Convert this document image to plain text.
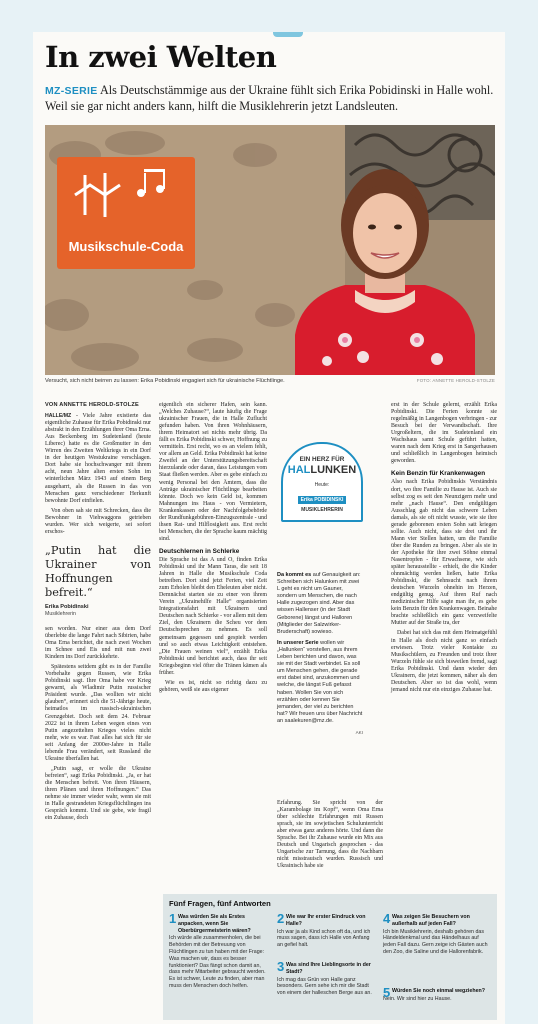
In zwei Welten
MZ-SERIE Als Deutschstämmige aus der Ukraine fühlt sich Erika Pobidinski in Halle wohl. Weil sie gar nicht anders kann, hilft die Musiklehrerin jetzt Landsleuten.
Musikschule-Coda
Versucht, sich nicht beirren zu lassen: Erika Pobidinski engagiert sich für ukrainische Flüchtlinge.	FOTO: ANNETTE HEROLD-STOLZE
VON ANNETTE HEROLD-STOLZE

HALLE/MZ - Viele Jahre existierte das eigentliche Zuhause für Erika Pobidinski nur abstrakt in den Erzählungen ihrer Oma Erna. Aus Beckenberg im Sudetenland (heute Liberec) hatte es die Großmutter in den Wirren des Zweiten Weltkriegs in ein Dorf in der heutigen Westukraine verschlagen. Dort habe sie hochschwanger mit ihrem acht, neun Jahre alten ersten Sohn im winterlichen März 1943 auf einem Berg ausgeharrt, als die Russen in das von Menschen ganz verschiedener Herkunft bewohnte Dorf einfielen.

Von oben sah sie mit Schrecken, dass die Bewohner in Viehwaggons getrieben wurden. Wer sich weigerte, sei sofort erschos-

„Putin hat die Ukrainer von Hoffnungen befreit.“
Erika Pobidinski
Musiklehrerin

sen worden. Nur einer aus dem Dorf überlebte die lange Fahrt nach Sibirien, habe Oma Erna berichtet, die nach zwei Wochen im Schnee und Eis und mit nun zwei Kindern ins Dorf zurückkehrte.

Spätestens seitdem gibt es in der Familie Vorbehalte gegen Russen, wie Erika Pobidinski sagt. Ihre Oma habe vor Krieg gewarnt, als Wladimir Putin russischer Präsident wurde. „Das wollten wir nicht glauben“, erinnert sich die 51-Jährige heute, heimatlos im russisch-ukrainischen Grenzgebiet. Doch seit dem 24. Februar 2022 ist in ihrem Leben wegen eines von Putin angezettelten Krieges vieles nicht mehr, wie es war. Fast alles hat sich für sie seit Anfang der 2000er-Jahre in Halle lebende Frau verändert, seit Russland die Ukraine überfallen hat.

„Putin sagt, er wolle die Ukraine befreien“, sagt Erika Pobidinski. „Ja, er hat die Menschen befreit. Von ihren Häusern, ihren Plänen und ihren Hoffnungen.“ Das nehme sie immer wieder wahr, wenn sie mit in Halle gestrandeten Kriegsflüchtlingen ins Gespräch kommt. Und sie gebe, wie fragil ein Zuhause, doch

eigentlich ein sicherer Hafen, sein kann. „Welches Zuhause?“, laute häufig die Frage ukrainischer Frauen, die in Halle Zuflucht gefunden haben. Von ihren Wohnhäusern, ihrem Heimatort sei nichts mehr übrig. Da fällt es Erika Pobidinski schwer, Hoffnung zu vermitteln. Erst recht, wo es an vielem fehlt, vor allem an Geld. Erika Pobidinski hat keine Zweifel an der Unterstützungsbereitschaft hierzulande oder daran, dass Leistungen vom Staat fließen werden. Aber es gebe einfach zu wenig Personal bei den Ämtern, dass die Anträge ukrainischer Flüchtlinge bearbeiten könnte. Doch wo kein Geld ist, kommen Mahnungen ins Haus - von Vermietern, Krankenkassen oder der Nachfolgebehörde der Rundfunkgebühren-Einzugszentrale - und ihsen Rat- und Hilflosigkeit aus. Erst recht bei Menschen, die der Sprache kaum mächtig sind.

Deutschlernen in Schlerke

Die Sprache ist das A und O, finden Erika Pobidinski und ihr Mann Taras, die seit 18 Jahren in Halle die Musikschule Coda betreiben. Dort sind jetzt Ferien, viel Zeit zum Erholen bleibt den Eheleuten aber nicht. Demnächst starten sie zu einer von ihrem Verein „Ukrainehilfe Halle“ organisierten Integrationsfahrt mit Ukrainern und Deutschen nach Schierke - vor allem mit dem Ziel, den Ukrainern die Scheu vor dem Deutschsprechen zu nehmen. Es soll gemeinsam gegessen und gespielt werden und so auch etwas Leichtigkeit entstehen. „Die Frauen weinen viel“, erzählt Erika Pobidinski und berichtet auch, dass ihr seit Kriegsbeginn viel öfter die Tränen kämen als früher.

Wie es ist, nicht so richtig dazu zu gehören, weiß sie aus eigener

EIN HERZ FÜR
HALLUNKEN
Heute:
Erika POBIDINSKI
MUSIKLEHRERIN

Da kommt es auf Genauigkeit an: Schreiben sich Halunken mit zwei L geht es nicht um Gauner, sondern um Menschen, die nach Halle zugezogen sind. Aber das wissen Hallenser (in der Stadt Geborene) längst und Halloren (Mitglieder der Salzwirker-Bruderschaft) sowieso.

In unserer Serie wollen wir „Hallunken“ vorstellen, aus ihrem Leben berichten und davon, was sie mit der Stadt verbindet. Es soll um Menschen gehen, die gerade erst dabei sind, anzukommen und welche, die längst Fuß gefasst haben. Wollen Sie von sich erzählen oder kennen Sie jemanden, der viel zu berichten hat? Wir freuen uns über Nachricht an saalekuren@mz.de.

AKI

Erfahrung. Sie spricht von der „Karambolage im Kopf“, wenn Oma Erna über schlechte Erfahrungen mit Russen sprach, sie im sowjetischen Schulunterricht aber etwas ganz anderes hörte. Und dann die Sprache. Bei ihr Zuhause wurde ein Mix aus Deutsch und Ungarisch gesprochen - das Ungarische zur Tarnung, dass die Nachbarn nicht misstrauisch wurden. Russisch und Ukrainisch habe sie

erst in der Schule gelernt, erzählt Erika Pobidinski. Die Ferien konnte sie regelmäßig in Langenbogen verbringen - zur Besuch bei der Verwandtschaft. Ihre Urgroßeltern, die im Sudetenland ein Wachshaus samt Schule geführt hatten, waren nach dem Krieg erst in Sangerhausen und schließlich in Langenbogen heimisch geworden.

Kein Benzin für Krankenwagen

Also nach Erika Pobidinskis Verständnis dort, wo ihre Familie zu Hause ist. Auch sie selbst zog es seit den Neunzigern mehr und mehr „nach Hause“. Den endgültigen Ausschlag gab nicht das schwere Leben damals, als sie oft nicht wusste, wie sie ihre gerade geborenen ersten Sohn satt kriegen sollte. Auch nicht, dass sie drei und ihr Mann vier Stellen hatten, um die Familie über die Runden zu bringen. Aber als sie in der Apotheke für ihre zwei Söhne einmal Nasentropfen - für Erwachsene, wie sich später herausstellte - erhielt, die die Kinder ohnmächtig werden ließen, hatte Erika Pobidinski, die Sehnsucht nach ihrem deutschen Wurzeln ohnehin im Herzen, endgültig genug. Auf ihren Ruf nach medizinischer Hilfe sagte man ihr, es gebe kein Benzin für den Krankenwagen. Beinahe brachte schließlich ein ganz verzweifelte Mutter auf der Straße tra, der

Dabei hat sich das mit dem Heimatgefühl in Halle als doch nicht ganz so einfach erwiesen. Trotz vieler Kontakte zu Musikschülern, zu Freunden und trotz ihrer Wurzeln fühle sie sich bisweilen fremd, sagt Erika Pobidinski. Und dann wieder den Ukrainern, die jetzt kommen, näher als den Deutschen. Aber so ist das wohl, wenn jemand nicht nur ein einziges Zuhause hat.

Fünf Fragen, fünf Antworten
1 Was würden Sie als Erstes anpacken, wenn Sie Oberbürgermeisterin wären?
Ich würde alle zusammenholen, die bei Behörden mit der Betreuung von Flüchtlingen zu tun haben mit der Frage: Was machen wir, dass es besser funktioniert? Das fängt schon damit an, dass mehr Mitarbeiter gebraucht werden. Es ist schwer, Leute zu finden, aber man muss den Menschen doch helfen.
2 Wie war Ihr erster Eindruck von Halle?
Ich war ja als Kind schon oft da, und ich muss sagen, dass ich Halle von Anfang an gefiel halt.
3 Was sind Ihre Lieblingsorte in der Stadt?
Ich mag das Grün von Halle ganz besonders. Gern sehe ich mir die Stadt von einem der halleschen Berge aus an.
4 Was zeigen Sie Besuchern von außerhalb auf jeden Fall?
Ich bin Musiklehrerin, deshalb gehören das Händeldenkmal und das Händelhaus auf jeden Fall dazu. Gern zeige ich Gästen auch den Zoo, die Saline und die Hallorenfabrik.
5 Würden Sie noch einmal wegziehen?
Nein. Wir sind hier zu Hause.
